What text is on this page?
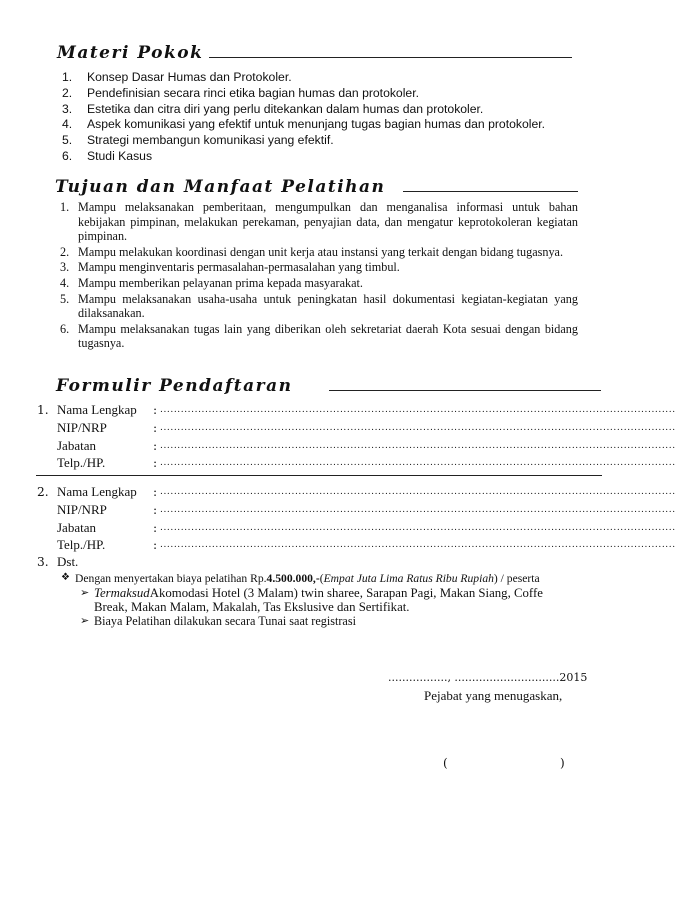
Materi Pokok
1.	Konsep Dasar Humas dan Protokoler.
2.	Pendefinisian secara rinci etika bagian humas dan protokoler.
3.	Estetika dan citra diri yang perlu ditekankan dalam humas dan protokoler.
4.	Aspek komunikasi yang efektif untuk menunjang tugas bagian humas dan protokoler.
5.	Strategi membangun komunikasi yang efektif.
6.	Studi Kasus
Tujuan dan Manfaat Pelatihan
1. Mampu melaksanakan pemberitaan, mengumpulkan dan menganalisa informasi untuk bahan kebijakan pimpinan, melakukan perekaman, penyajian data, dan mengatur keprotokoleran kegiatan pimpinan.
2. Mampu melakukan koordinasi dengan unit kerja atau instansi yang terkait dengan bidang tugasnya.
3. Mampu menginventaris permasalahan-permasalahan yang timbul.
4. Mampu memberikan pelayanan prima kepada masyarakat.
5. Mampu melaksanakan usaha-usaha untuk peningkatan hasil dokumentasi kegiatan-kegiatan yang dilaksanakan.
6. Mampu melaksanakan tugas lain yang diberikan oleh sekretariat daerah Kota sesuai dengan bidang tugasnya.
Formulir Pendaftaran
1. Nama Lengkap	: .....................................................................................................................................................
NIP/NRP	: .....................................................................................................................................................
Jabatan	: .....................................................................................................................................................
Telp./HP.	: .....................................................................................................................................................
2. Nama Lengkap	: .....................................................................................................................................................
NIP/NRP	: .....................................................................................................................................................
Jabatan	: .....................................................................................................................................................
Telp./HP.	: .....................................................................................................................................................
3. Dst.
❖ Dengan menyertakan biaya pelatihan Rp. 4.500.000,- ( Empat Juta Lima Ratus Ribu Rupiah ) / peserta
➢ Termaksud Akomodasi Hotel (3 Malam) twin sharee, Sarapan Pagi, Makan Siang, Coffe
Break, Makan Malam, Makalah, Tas Ekslusive dan Sertifikat.
➢ Biaya Pelatihan dilakukan secara Tunai saat registrasi
................., ..............................2015
Pejabat yang menugaskan,
(	)
